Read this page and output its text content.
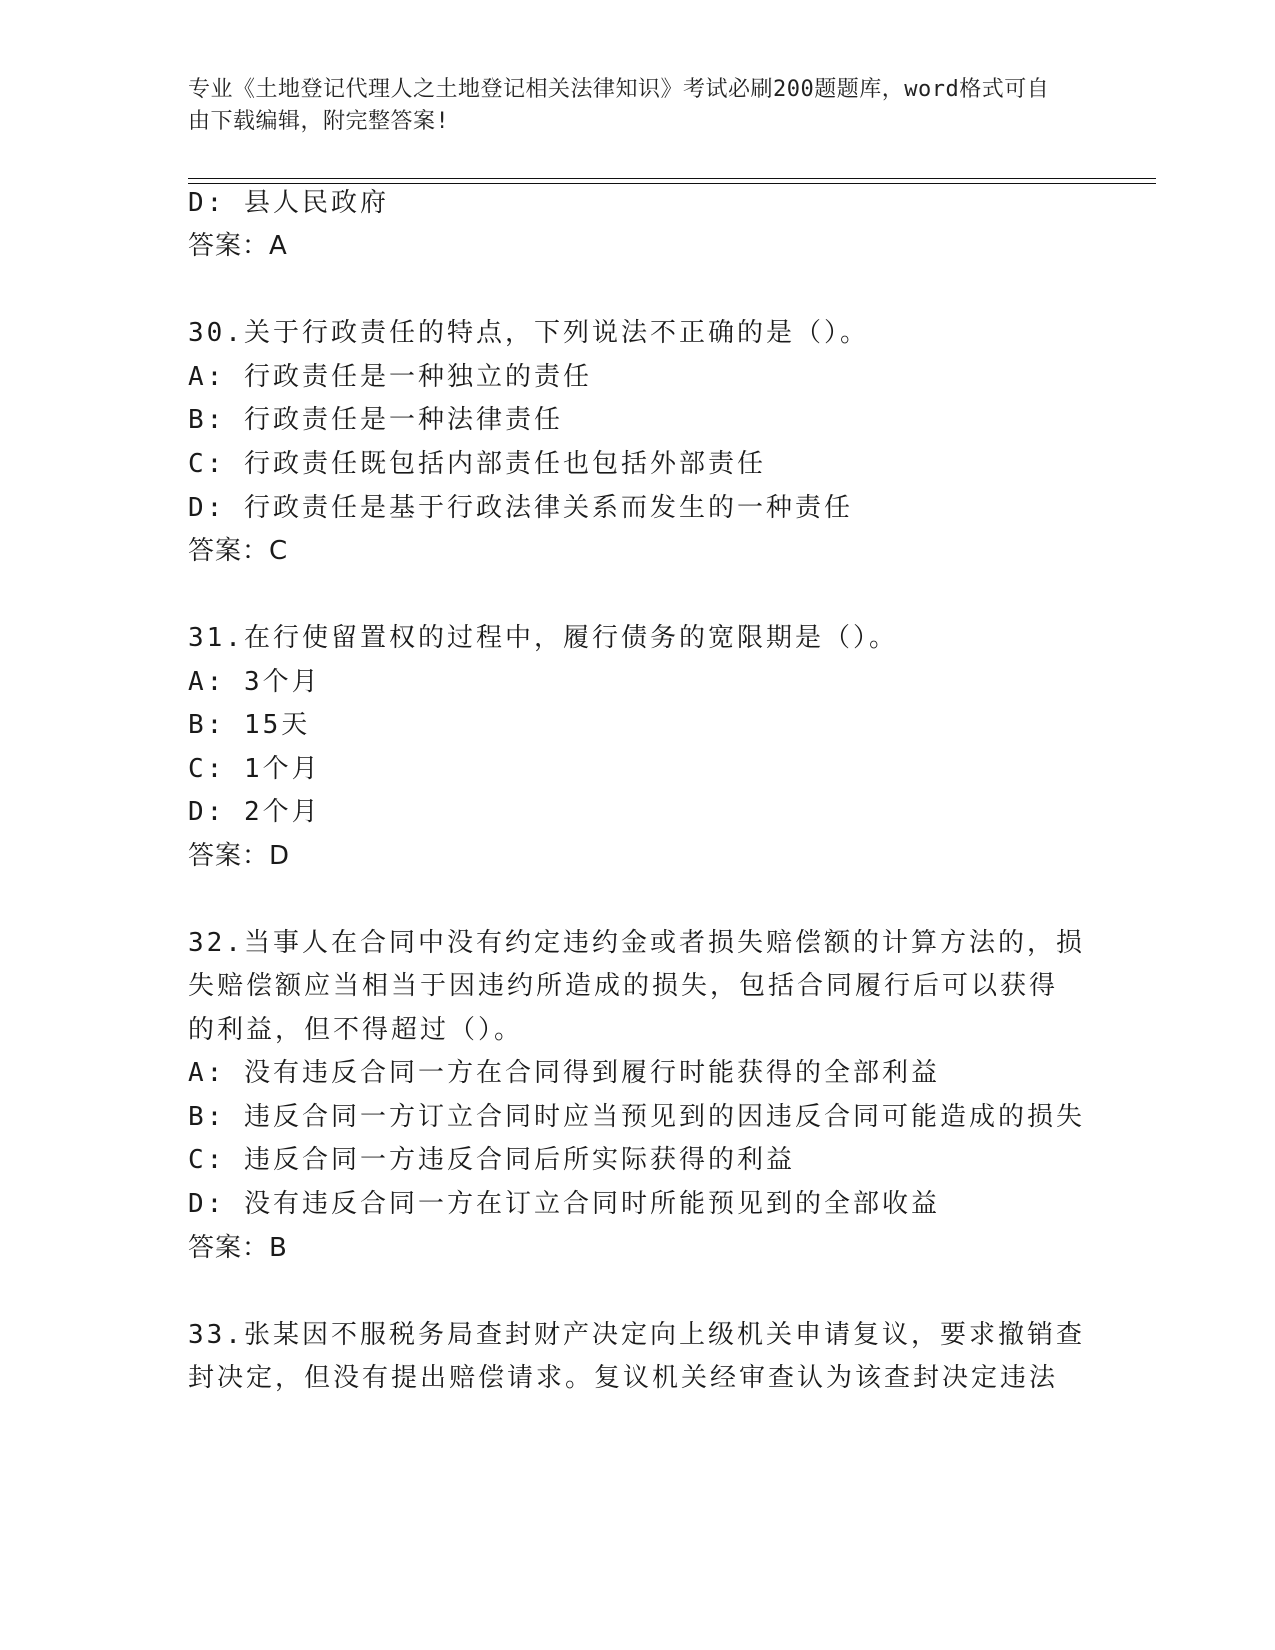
专业《土地登记代理人之土地登记相关法律知识》考试必刷200题题库，word格式可自由下载编辑，附完整答案!
D: 县人民政府
答案：A
30.关于行政责任的特点，下列说法不正确的是（）。
A: 行政责任是一种独立的责任
B: 行政责任是一种法律责任
C: 行政责任既包括内部责任也包括外部责任
D: 行政责任是基于行政法律关系而发生的一种责任
答案：C
31.在行使留置权的过程中，履行债务的宽限期是（）。
A: 3个月
B: 15天
C: 1个月
D: 2个月
答案：D
32.当事人在合同中没有约定违约金或者损失赔偿额的计算方法的，损
失赔偿额应当相当于因违约所造成的损失，包括合同履行后可以获得
的利益，但不得超过（）。
A: 没有违反合同一方在合同得到履行时能获得的全部利益
B: 违反合同一方订立合同时应当预见到的因违反合同可能造成的损失
C: 违反合同一方违反合同后所实际获得的利益
D: 没有违反合同一方在订立合同时所能预见到的全部收益
答案：B
33.张某因不服税务局查封财产决定向上级机关申请复议，要求撤销查
封决定，但没有提出赔偿请求。复议机关经审查认为该查封决定违法
